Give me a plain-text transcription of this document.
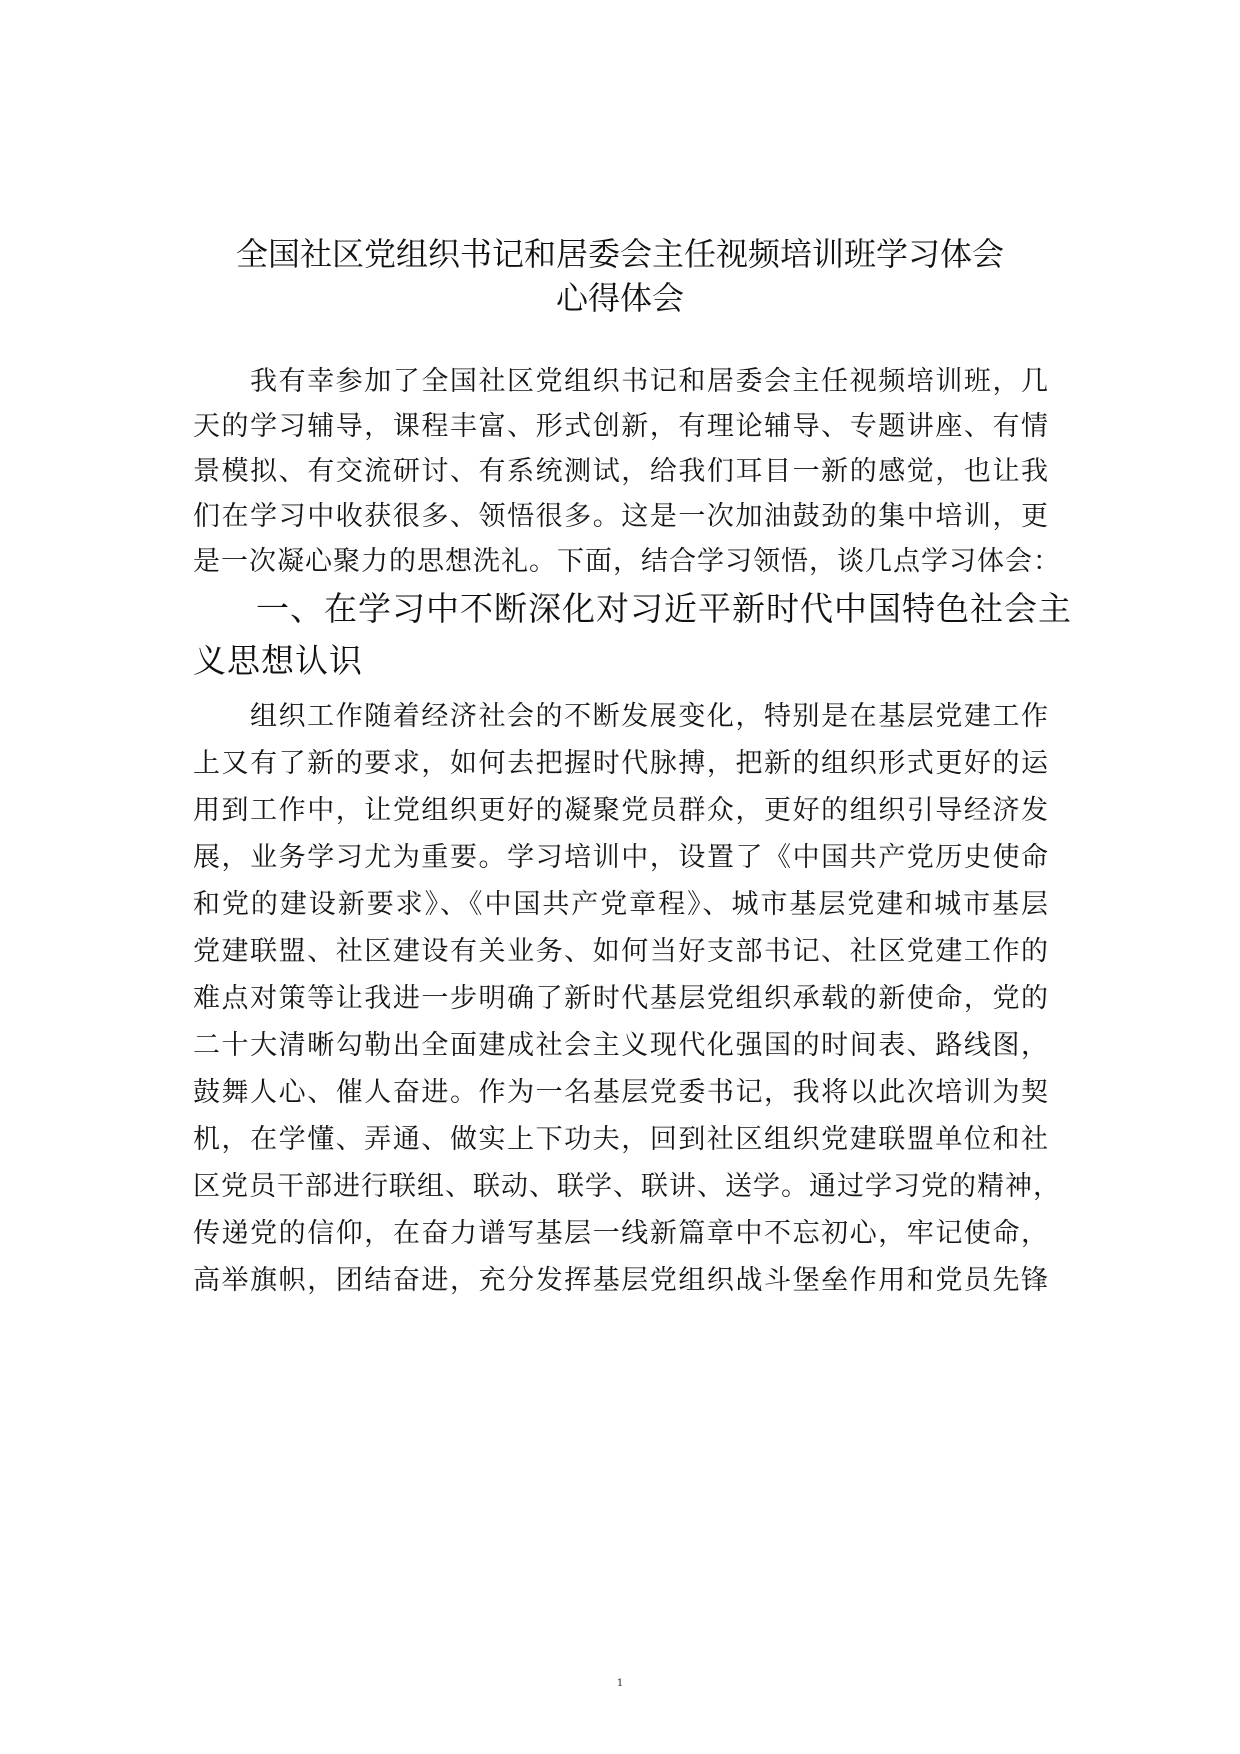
全国社区党组织书记和居委会主任视频培训班学习体会
心得体会
我有幸参加了全国社区党组织书记和居委会主任视频培训班，几
天的学习辅导，课程丰富、形式创新，有理论辅导、专题讲座、有情
景模拟、有交流研讨、有系统测试，给我们耳目一新的感觉，也让我
们在学习中收获很多、领悟很多。这是一次加油鼓劲的集中培训，更
是一次凝心聚力的思想洗礼。下面，结合学习领悟，谈几点学习体会：
一、在学习中不断深化对习近平新时代中国特色社会主
义思想认识
组织工作随着经济社会的不断发展变化，特别是在基层党建工作
上又有了新的要求，如何去把握时代脉搏，把新的组织形式更好的运
用到工作中，让党组织更好的凝聚党员群众，更好的组织引导经济发
展，业务学习尤为重要。学习培训中，设置了《中国共产党历史使命
和党的建设新要求》、《中国共产党章程》、城市基层党建和城市基层
党建联盟、社区建设有关业务、如何当好支部书记、社区党建工作的
难点对策等让我进一步明确了新时代基层党组织承载的新使命，党的
二十大清晰勾勒出全面建成社会主义现代化强国的时间表、路线图，
鼓舞人心、催人奋进。作为一名基层党委书记，我将以此次培训为契
机，在学懂、弄通、做实上下功夫，回到社区组织党建联盟单位和社
区党员干部进行联组、联动、联学、联讲、送学。通过学习党的精神，
传递党的信仰，在奋力谱写基层一线新篇章中不忘初心，牢记使命，
高举旗帜，团结奋进，充分发挥基层党组织战斗堡垒作用和党员先锋
1
